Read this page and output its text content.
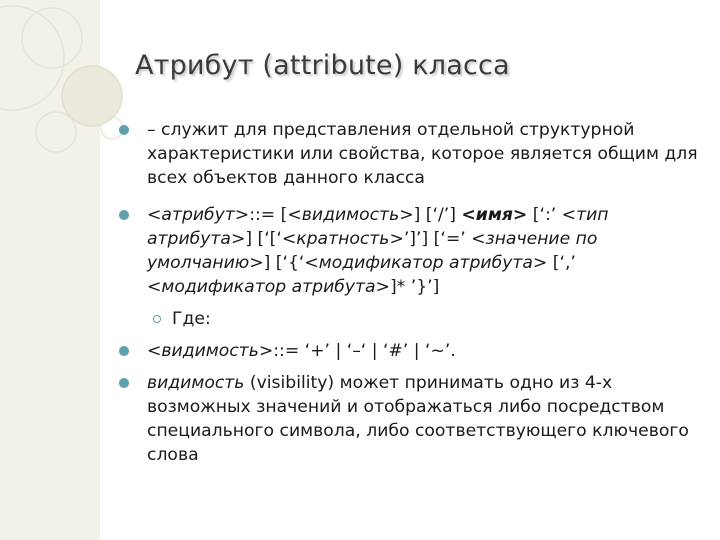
Атрибут (attribute) класса
– служит для представления отдельной структурной характеристики или свойства, которое является общим для всех объектов данного класса
<атрибут>::= [<видимость>] [‘/’] <имя> [‘:’ <тип атрибута>] [‘[‘<кратность>’]’] [‘=’ <значение по умолчанию>] [‘{‘<модификатор атрибута> [‘,’ <модификатор атрибута>]* ’}’]
Где:
<видимость>::= ‘+’ | ‘–‘ | ‘#’ | ‘~’.
видимость (visibility) может принимать одно из 4-х возможных значений и отображаться либо посредством специального символа, либо соответствующего ключевого слова
